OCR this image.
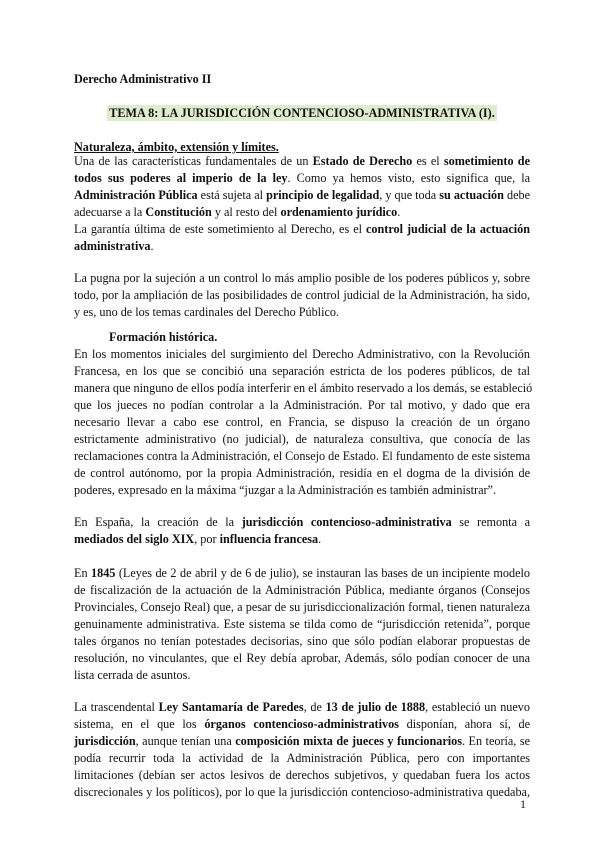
Derecho Administrativo II
TEMA 8: LA JURISDICCIÓN CONTENCIOSO-ADMINISTRATIVA (I).
Naturaleza, ámbito, extensión y límites.
Una de las características fundamentales de un Estado de Derecho es el sometimiento de
todos sus poderes al imperio de la ley. Como ya hemos visto, esto significa que, la
Administración Pública está sujeta al principio de legalidad, y que toda su actuación debe
adecuarse a la Constitución y al resto del ordenamiento jurídico.
La garantía última de este sometimiento al Derecho, es el control judicial de la actuación
administrativa.
La pugna por la sujeción a un control lo más amplio posible de los poderes públicos y, sobre
todo, por la ampliación de las posibilidades de control judicial de la Administración, ha sido,
y es, uno de los temas cardinales del Derecho Público.
Formación histórica.
En los momentos iniciales del surgimiento del Derecho Administrativo, con la Revolución
Francesa, en los que se concibió una separación estricta de los poderes públicos, de tal
manera que ninguno de ellos podía interferir en el ámbito reservado a los demás, se estableció
que los jueces no podían controlar a la Administración. Por tal motivo, y dado que era
necesario llevar a cabo ese control, en Francia, se dispuso la creación de un órgano
estrictamente administrativo (no judicial), de naturaleza consultiva, que conocía de las
reclamaciones contra la Administración, el Consejo de Estado. El fundamento de este sistema
de control autónomo, por la propia Administración, residía en el dogma de la división de
poderes, expresado en la máxima “juzgar a la Administración es también administrar”.
En España, la creación de la jurisdicción contencioso-administrativa se remonta a
mediados del siglo XIX, por influencia francesa.
En 1845 (Leyes de 2 de abril y de 6 de julio), se instauran las bases de un incipiente modelo
de fiscalización de la actuación de la Administración Pública, mediante órganos (Consejos
Provinciales, Consejo Real) que, a pesar de su jurisdiccionalización formal, tienen naturaleza
genuinamente administrativa. Este sistema se tilda como de “jurisdicción retenida”, porque
tales órganos no tenían potestades decisorias, sino que sólo podían elaborar propuestas de
resolución, no vinculantes, que el Rey debía aprobar, Además, sólo podían conocer de una
lista cerrada de asuntos.
La trascendental Ley Santamaría de Paredes, de 13 de julio de 1888, estableció un nuevo
sistema, en el que los órganos contencioso-administrativos disponían, ahora sí, de
jurisdicción, aunque tenían una composición mixta de jueces y funcionarios. En teoría, se
podía recurrir toda la actividad de la Administración Pública, pero con importantes
limitaciones (debían ser actos lesivos de derechos subjetivos, y quedaban fuera los actos
discrecionales y los políticos), por lo que la jurisdicción contencioso-administrativa quedaba,
1
